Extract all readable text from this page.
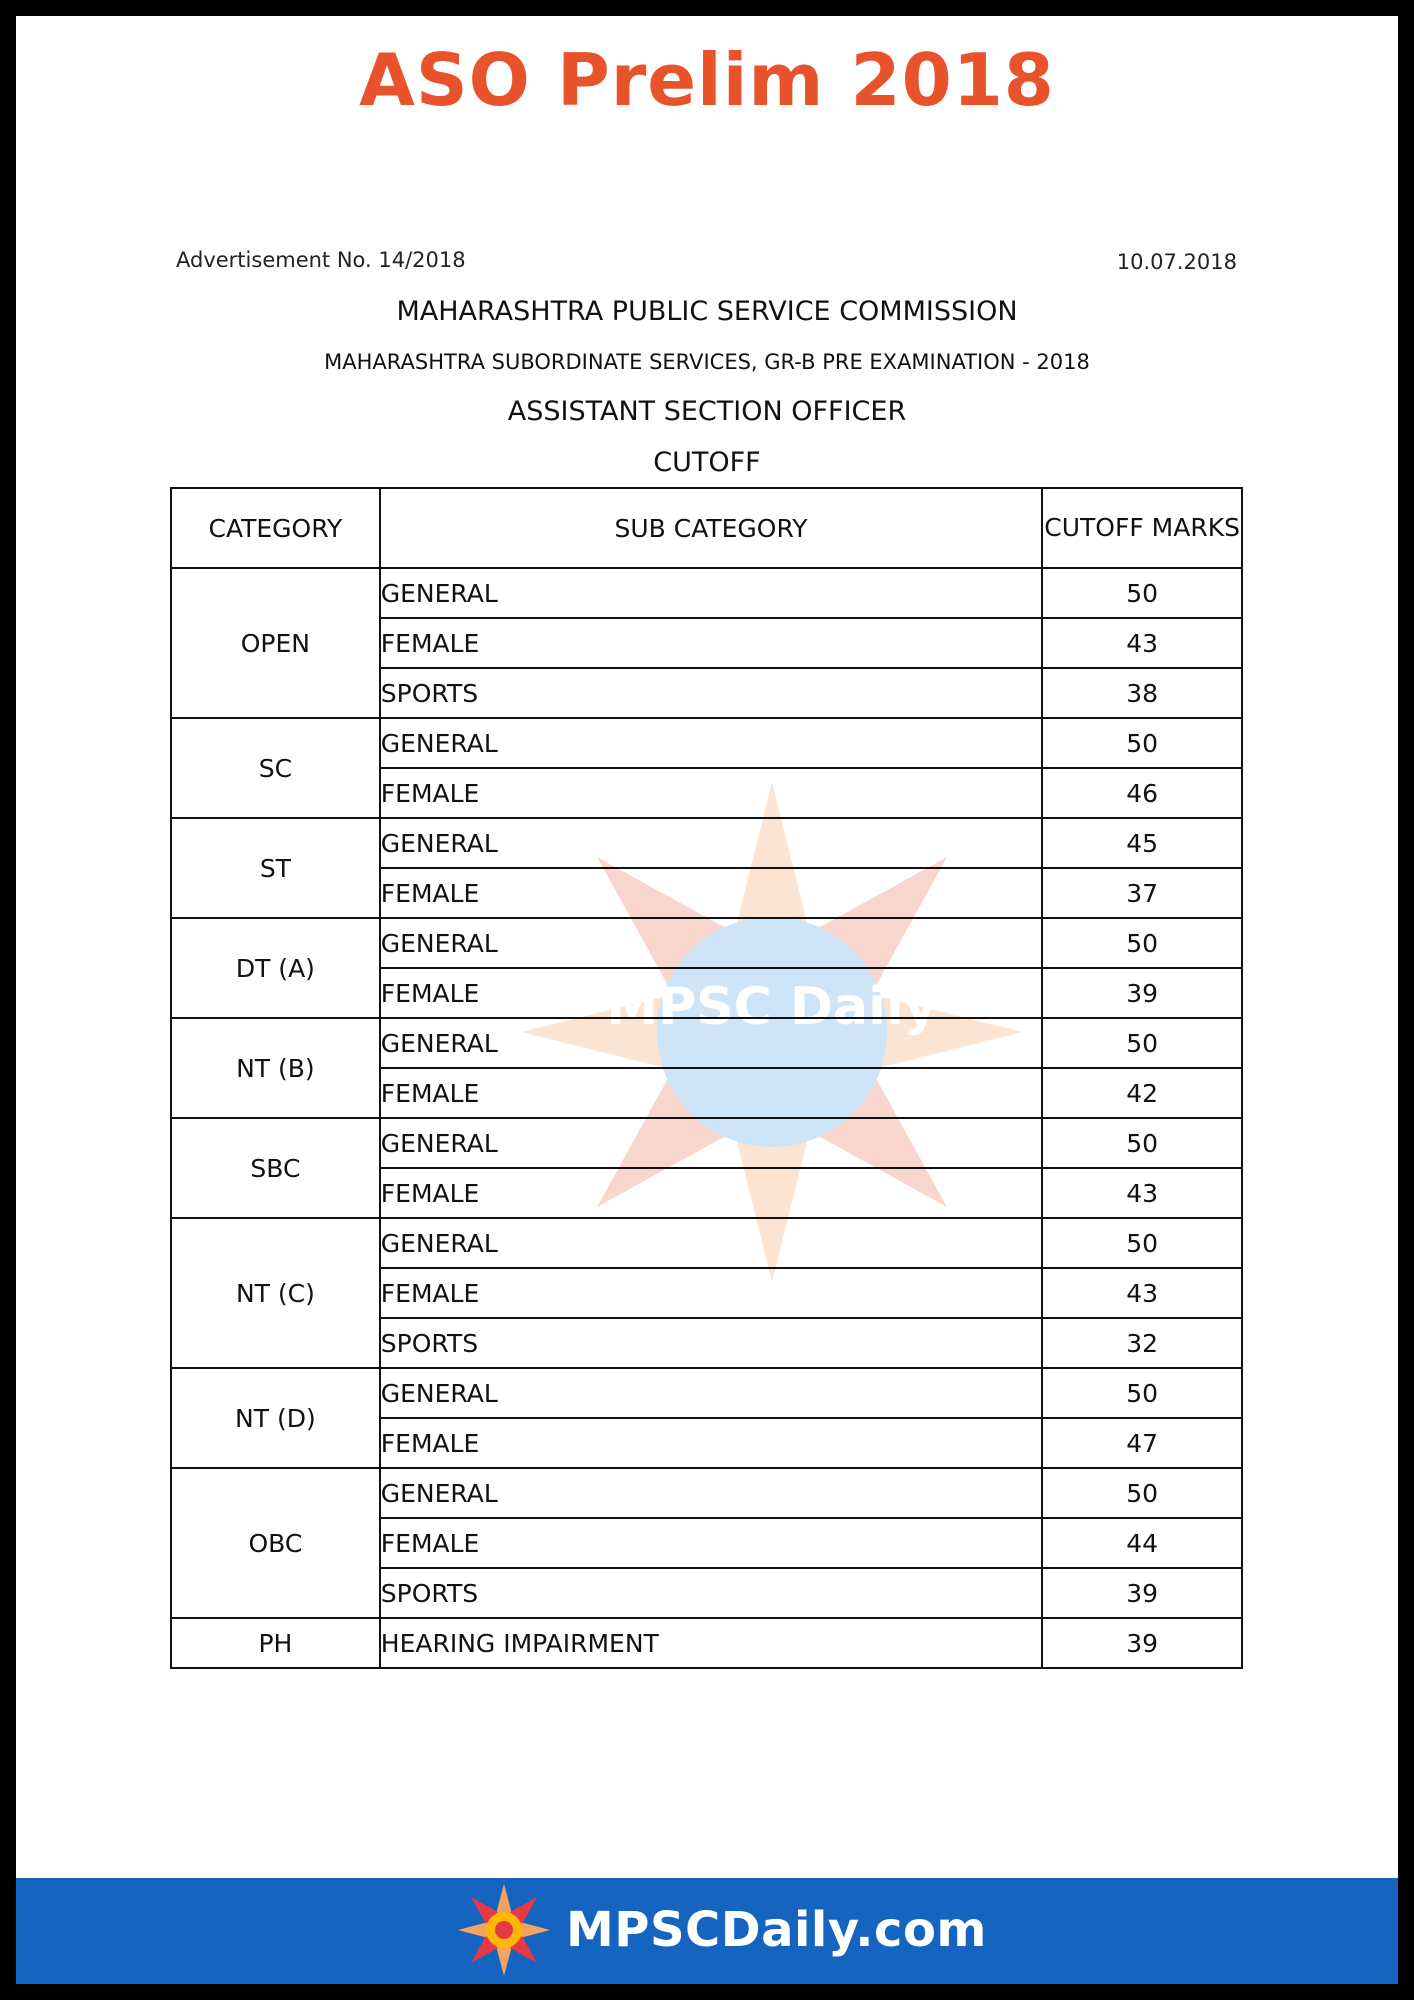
ASO Prelim 2018
Advertisement No. 14/2018	10.07.2018
MAHARASHTRA PUBLIC SERVICE COMMISSION
MAHARASHTRA SUBORDINATE SERVICES, GR-B PRE EXAMINATION - 2018
ASSISTANT SECTION OFFICER
CUTOFF
MPSC Daily
CATEGORY	SUB CATEGORY	CUTOFF MARKS
OPEN	GENERAL	50
	FEMALE	43
	SPORTS	38
SC	GENERAL	50
	FEMALE	46
ST	GENERAL	45
	FEMALE	37
DT (A)	GENERAL	50
	FEMALE	39
NT (B)	GENERAL	50
	FEMALE	42
SBC	GENERAL	50
	FEMALE	43
NT (C)	GENERAL	50
	FEMALE	43
	SPORTS	32
NT (D)	GENERAL	50
	FEMALE	47
OBC	GENERAL	50
	FEMALE	44
	SPORTS	39
PH	HEARING IMPAIRMENT	39
MPSCDaily.com
